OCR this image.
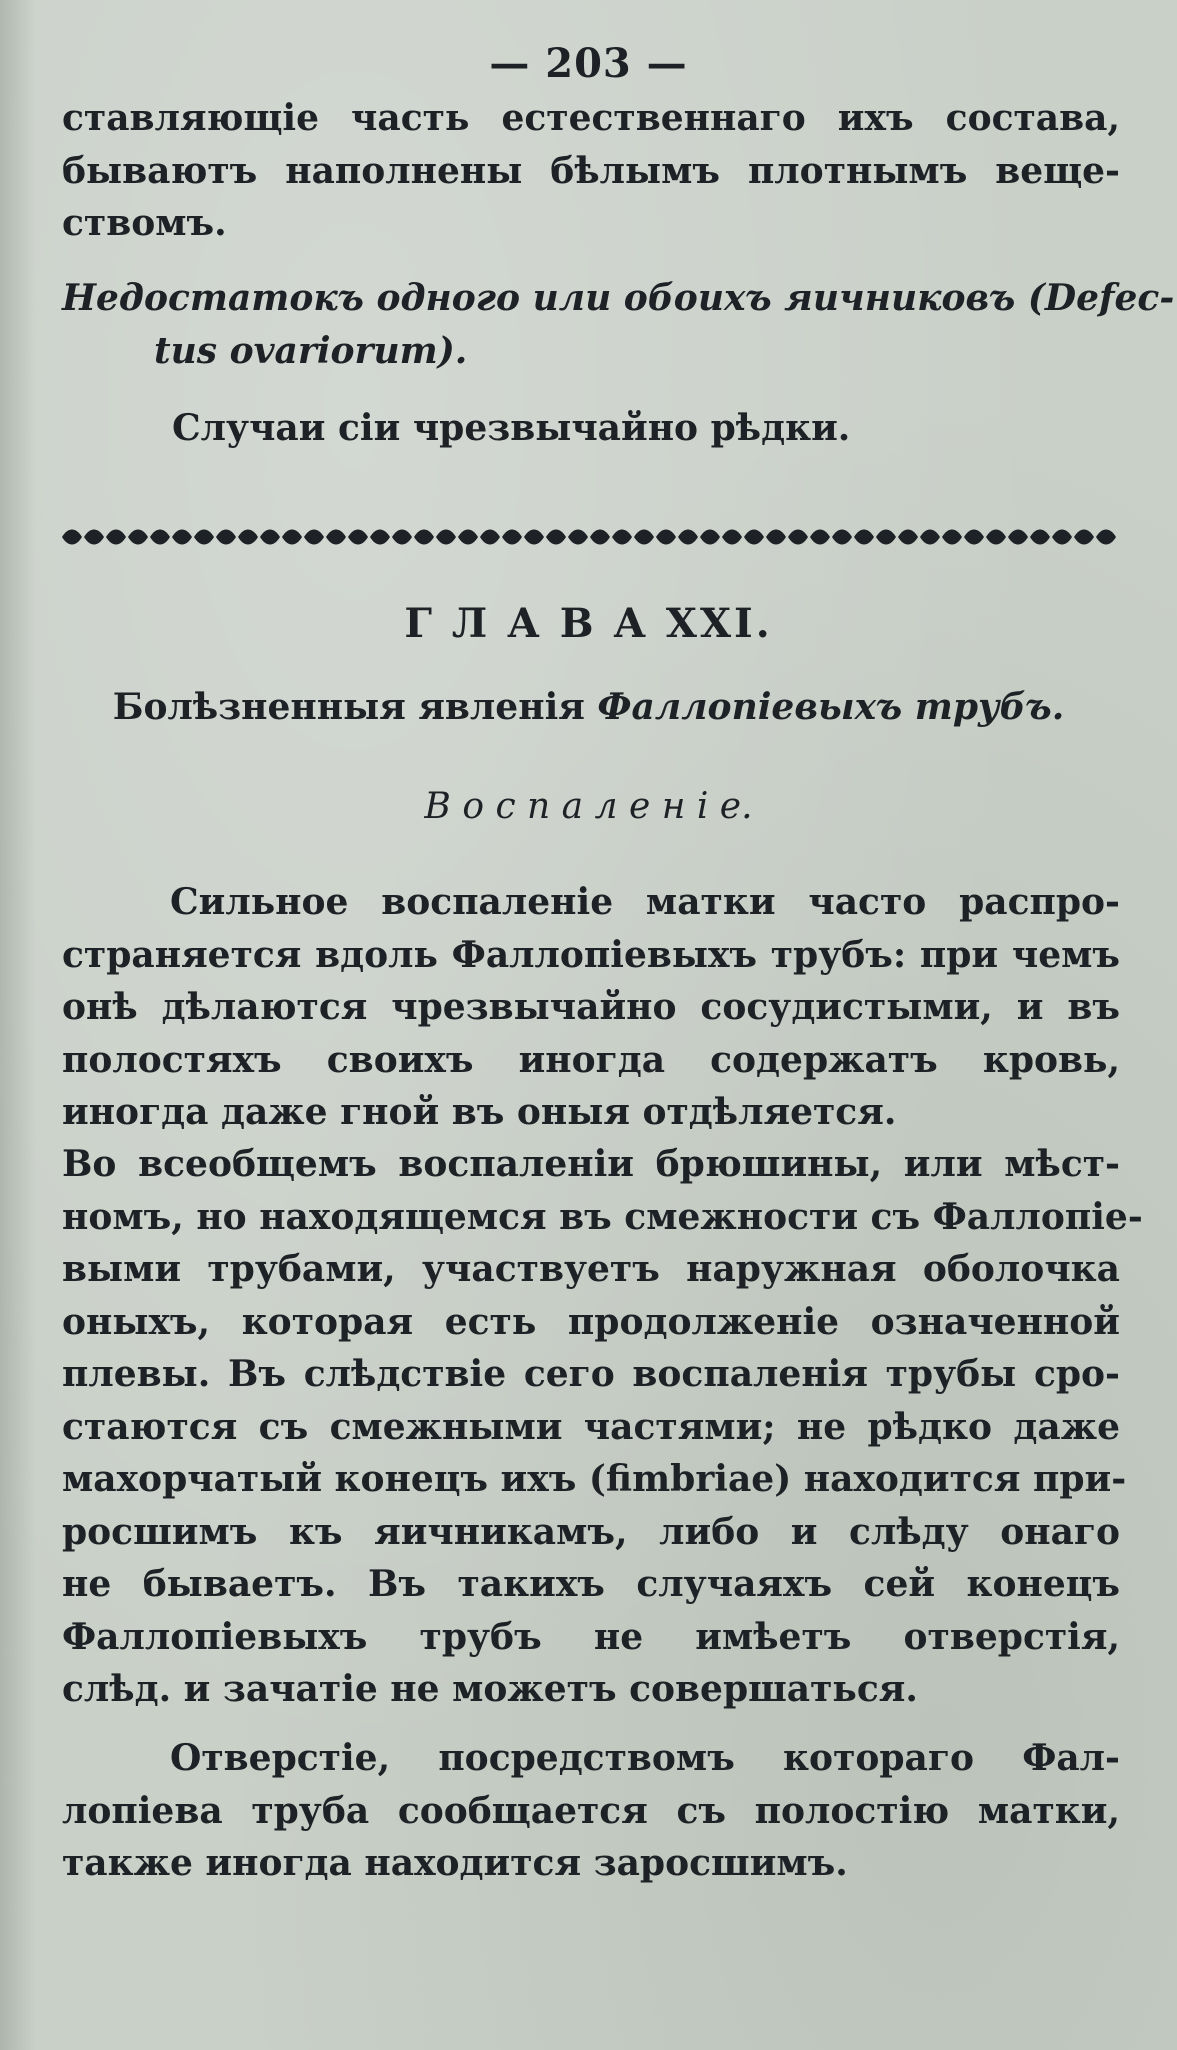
— 203 —
ставляющіе часть естественнаго ихъ состава,
бываютъ наполнены бѣлымъ плотнымъ веще-
ствомъ.
Недостатокъ одного или обоихъ яичниковъ (Defec-
tus ovariorum).
Случаи сіи чрезвычайно рѣдки.
Г Л А В А XXI.
Болѣзненныя явленія Фаллопіевыхъ трубъ.
В о с п а л е н і е.
Сильное воспаленіе матки часто распро-
страняется вдоль Фаллопіевыхъ трубъ: при чемъ
онѣ дѣлаются чрезвычайно сосудистыми, и въ
полостяхъ своихъ иногда содержатъ кровь,
иногда даже гной въ оныя отдѣляется.
Во всеобщемъ воспаленіи брюшины, или мѣст-
номъ, но находящемся въ смежности съ Фаллопіе-
выми трубами, участвуетъ наружная оболочка
оныхъ, которая есть продолженіе означенной
плевы. Въ слѣдствіе сего воспаленія трубы сро-
стаются съ смежными частями; не рѣдко даже
махорчатый конецъ ихъ (fimbriae) находится при-
росшимъ къ яичникамъ, либо и слѣду онаго
не бываетъ. Въ такихъ случаяхъ сей конецъ
Фаллопіевыхъ трубъ не имѣетъ отверстія,
слѣд. и зачатіе не можетъ совершаться.
Отверстіе, посредствомъ котораго Фал-
лопіева труба сообщается съ полостію матки,
также иногда находится заросшимъ.
